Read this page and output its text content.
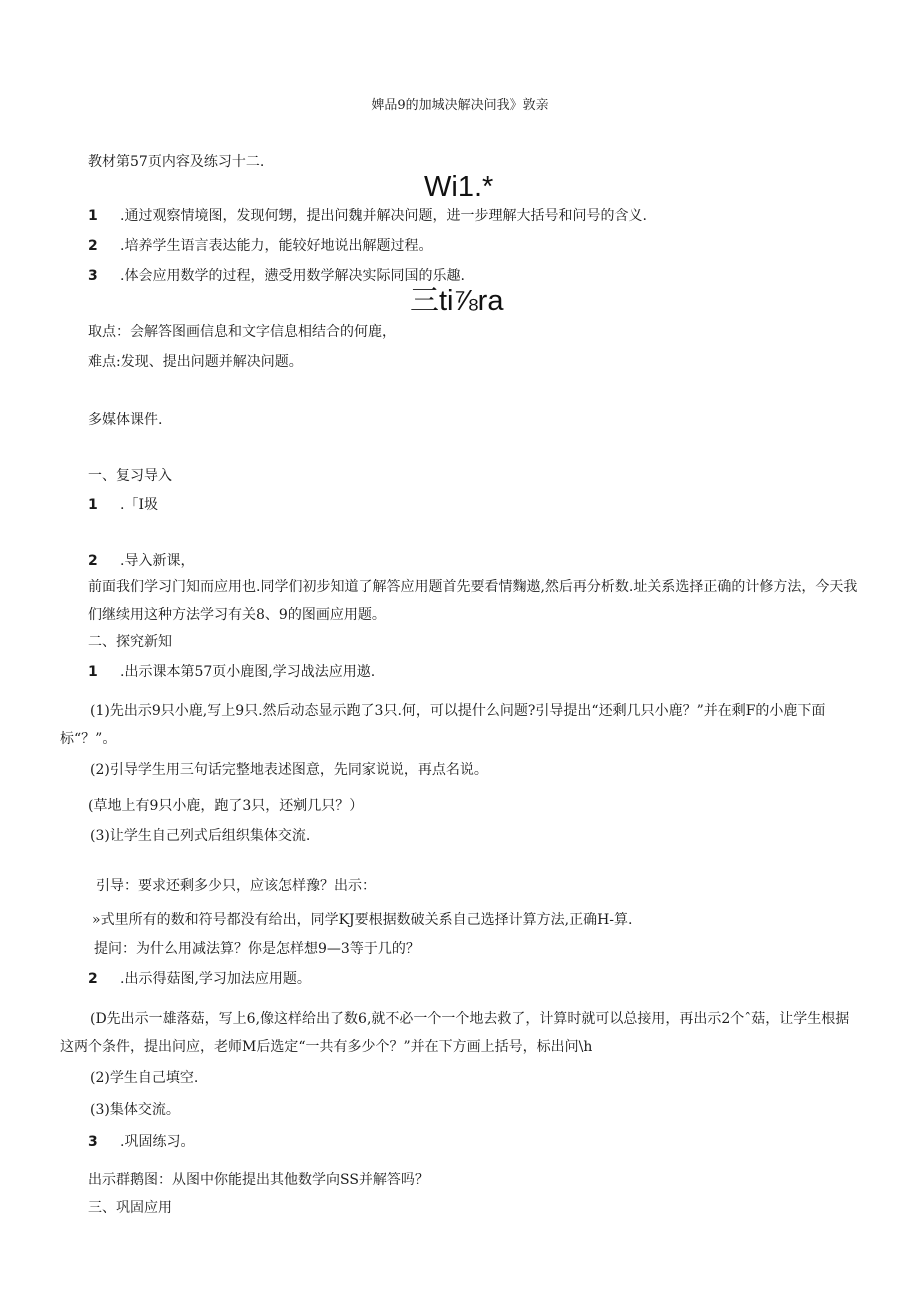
婢品9的加城决解决问我》敦亲
教材第57页内容及练习十二.
Wi1.*
1 .通过观察情境图，发现何甥，提出问魏并解决问题，进一步理解大括号和问号的含义.
2 .培养学生语言表达能力，能较好地说出解题过程。
3 .体会应用数学的过程，懑受用数学解决实际同国的乐趣.
三ti⅞ra
取点：会解答图画信息和文字信息相结合的何鹿，
难点:发现、提出问题并解决问题。
多媒体课件.
一、复习导入
1 .「I圾
2 .导入新课，
前面我们学习门知而应用也.同学们初步知道了解答应用题首先要看情麴遨,然后再分析数.址关系选择正确的计修方法，今天我们继续用这种方法学习有关8、9的图画应用题。
二、探究新知
1 .出示课本第57页小鹿图,学习战法应用遨.
(1)先出示9只小鹿,写上9只.然后动态显示跑了3只.何，可以提什么问题?引导提出“还剩几只小鹿？”并在剩F的小鹿下面标“？”。
(2)引导学生用三句话完整地表述图意，先同家说说，再点名说。
(草地上有9只小鹿，跑了3只，还剜几只？）
(3)让学生自己列式后组织集体交流.
引导：要求还剩多少只，应该怎样豫？出示：
»式里所有的数和符号都没有给出，同学KJ要根据数破关系自己选择计算方法,正确H-算.
提问：为什么用减法算？你是怎样想9—3等于几的？
2 .出示得菇图,学习加法应用题。
(D先出示一雄落菇，写上6,像这样给出了数6,就不必一个一个地去救了，计算时就可以总接用，再出示2个ˆ菇，让学生根据这两个条件，提出问应，老师M后选定“一共有多少个？”并在下方画上括号，标出问\h
(2)学生自己填空.
(3)集体交流。
3 .巩固练习。
出示群鹅图：从图中你能提出其他数学向SS并解答吗？
三、巩固应用
